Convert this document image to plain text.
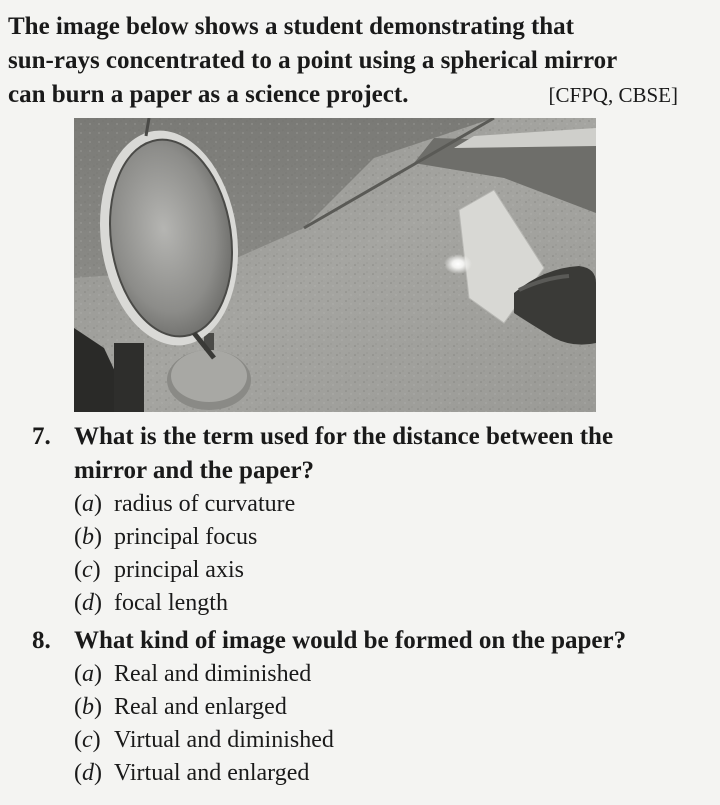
The image below shows a student demonstrating that
sun-rays concentrated to a point using a spherical mirror
can burn a paper as a science project.	[CFPQ, CBSE]
7. What is the term used for the distance between the
mirror and the paper?
(a) radius of curvature
(b) principal focus
(c) principal axis
(d) focal length
8. What kind of image would be formed on the paper?
(a) Real and diminished
(b) Real and enlarged
(c) Virtual and diminished
(d) Virtual and enlarged
